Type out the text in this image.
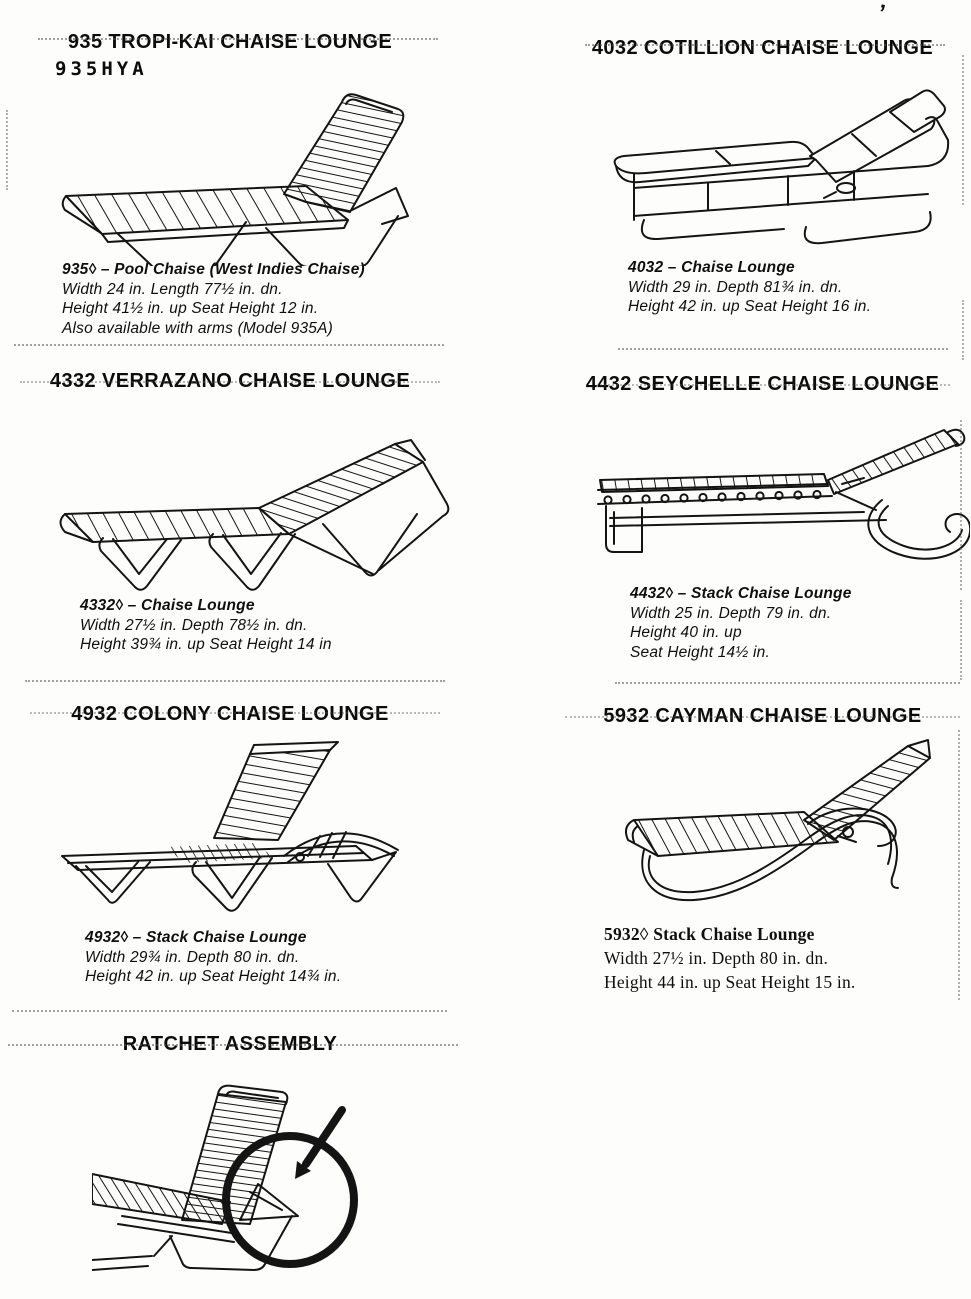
’
935 TROPI-KAI CHAISE LOUNGE
935HYA
935◊ – Pool Chaise (West Indies Chaise)
Width 24 in. Length 77½ in. dn.
Height 41½ in. up Seat Height 12 in.
Also available with arms (Model 935A)
4032 COTILLION CHAISE LOUNGE
4032 – Chaise Lounge
Width 29 in. Depth 81¾ in. dn.
Height 42 in. up Seat Height 16 in.
4332 VERRAZANO CHAISE LOUNGE
4332◊ – Chaise Lounge
Width 27½ in. Depth 78½ in. dn.
Height 39¾ in. up Seat Height 14 in
4432 SEYCHELLE CHAISE LOUNGE
4432◊ – Stack Chaise Lounge
Width 25 in. Depth 79 in. dn.
Height 40 in. up
Seat Height 14½ in.
4932 COLONY CHAISE LOUNGE
4932◊ – Stack Chaise Lounge
Width 29¾ in. Depth 80 in. dn.
Height 42 in. up Seat Height 14¾ in.
5932 CAYMAN CHAISE LOUNGE
5932◊ Stack Chaise Lounge
Width 27½ in. Depth 80 in. dn.
Height 44 in. up Seat Height 15 in.
RATCHET ASSEMBLY
